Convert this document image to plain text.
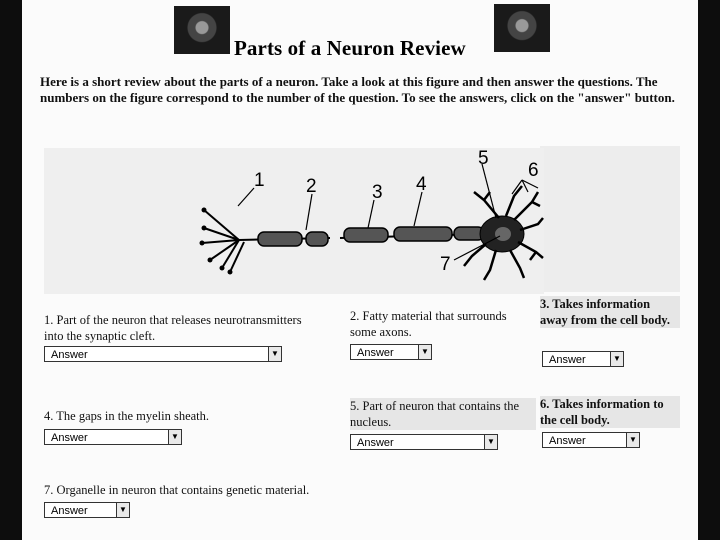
Parts of a Neuron Review
Here is a short review about the parts of a neuron. Take a look at this figure and then answer the questions. The numbers on the figure correspond to the number of the question. To see the answers, click on the "answer" button.
1 2	3 4
5
6
7
1. Part of the neuron that releases neurotransmitters into the synaptic cleft.
Answer	▼
2. Fatty material that surrounds some axons.
Answer	▼
3. Takes information away from the cell body.
Answer	▼
4. The gaps in the myelin sheath.
Answer	▼
5. Part of neuron that contains the nucleus.
Answer	▼
6. Takes information to the cell body.
Answer	▼
7. Organelle in neuron that contains genetic material.
Answer	▼
